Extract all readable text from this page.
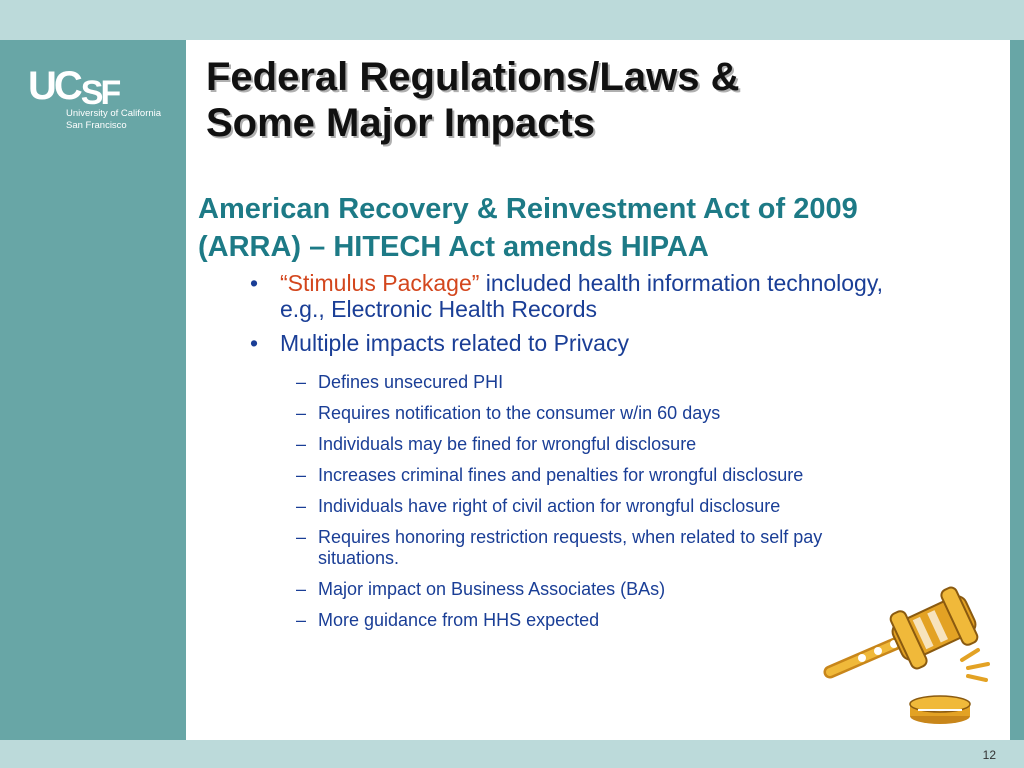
UC SF
University of California
San Francisco
Federal Regulations/Laws &
Some Major Impacts
American Recovery & Reinvestment Act of 2009
(ARRA) – HITECH Act amends HIPAA
• “Stimulus Package” included health information technology, e.g., Electronic Health Records
• Multiple impacts related to Privacy
– Defines unsecured PHI
– Requires notification to the consumer w/in 60 days
– Individuals may be fined for wrongful disclosure
– Increases criminal fines and penalties for wrongful disclosure
– Individuals have right of civil action for wrongful disclosure
– Requires honoring restriction requests, when related to self pay situations.
– Major impact on Business Associates (BAs)
– More guidance from HHS expected
12
